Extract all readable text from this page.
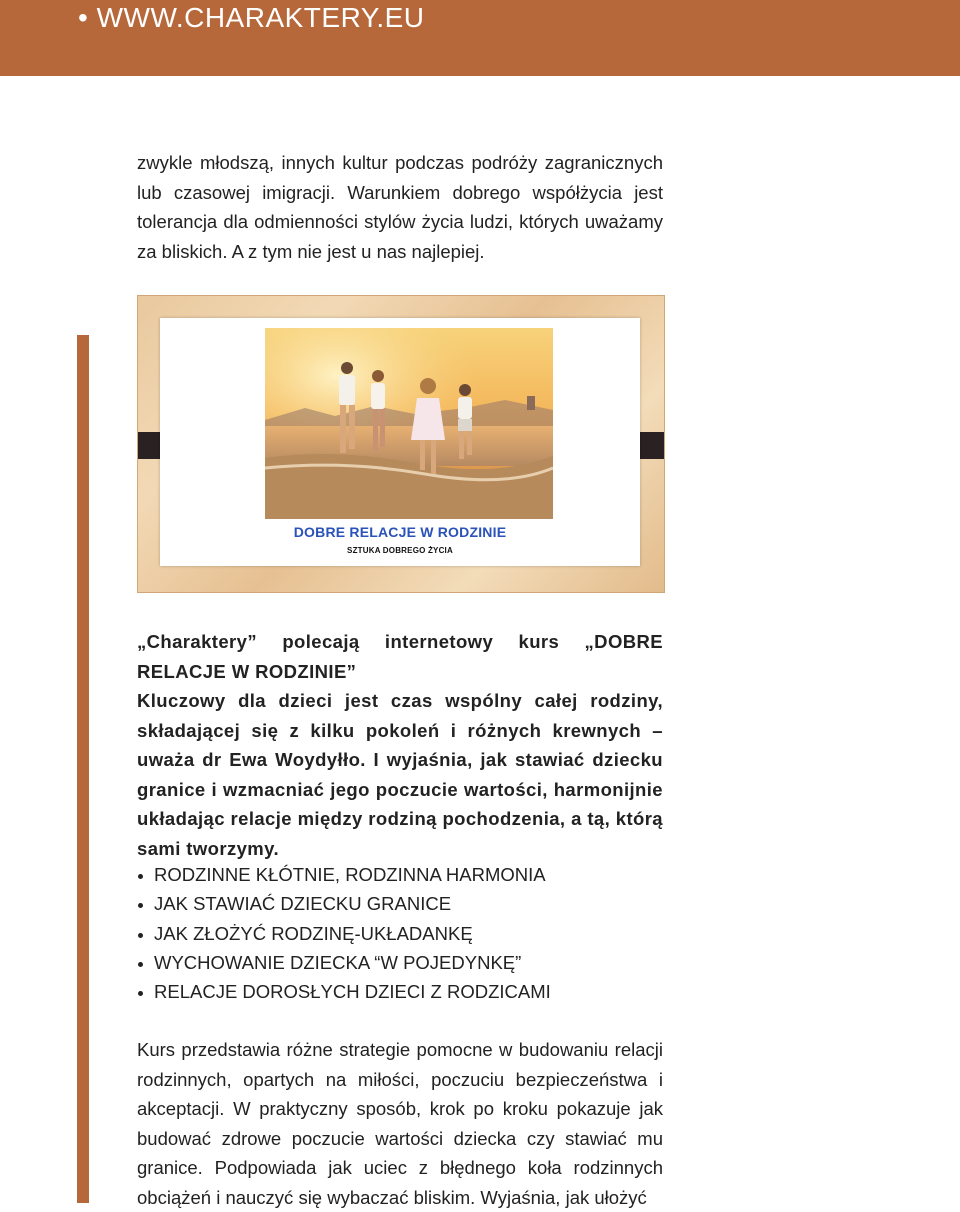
• WWW.CHARAKTERY.EU

zwykle młodszą, innych kultur podczas podróży zagranicznych lub czasowej imigracji. Warunkiem dobrego współżycia jest tolerancja dla odmienności stylów życia ludzi, których uważamy za bliskich. A z tym nie jest u nas najlepiej.

DOBRE RELACJE W RODZINIE
SZTUKA DOBREGO ŻYCIA

„Charaktery” polecają internetowy kurs „DOBRE RELACJE W RODZINIE”

Kluczowy dla dzieci jest czas wspólny całej rodziny, składającej się z kilku pokoleń i różnych krewnych – uważa dr Ewa Woydyłło. I wyjaśnia, jak stawiać dziecku granice i wzmacniać jego poczucie wartości, harmonijnie układając relacje między rodziną pochodzenia, a tą, którą sami tworzymy.

RODZINNE KŁÓTNIE, RODZINNA HARMONIA
JAK STAWIAĆ DZIECKU GRANICE
JAK ZŁOŻYĆ RODZINĘ-UKŁADANKĘ
WYCHOWANIE DZIECKA “W POJEDYNKĘ”
RELACJE DOROSŁYCH DZIECI Z RODZICAMI

Kurs przedstawia różne strategie pomocne w budowaniu relacji rodzinnych, opartych na miłości, poczuciu bezpieczeństwa i akceptacji. W praktyczny sposób, krok po kroku pokazuje jak budować zdrowe poczucie wartości dziecka czy stawiać mu granice. Podpowiada jak uciec z błędnego koła rodzinnych obciążeń i nauczyć się wybaczać bliskim. Wyjaśnia, jak ułożyć
